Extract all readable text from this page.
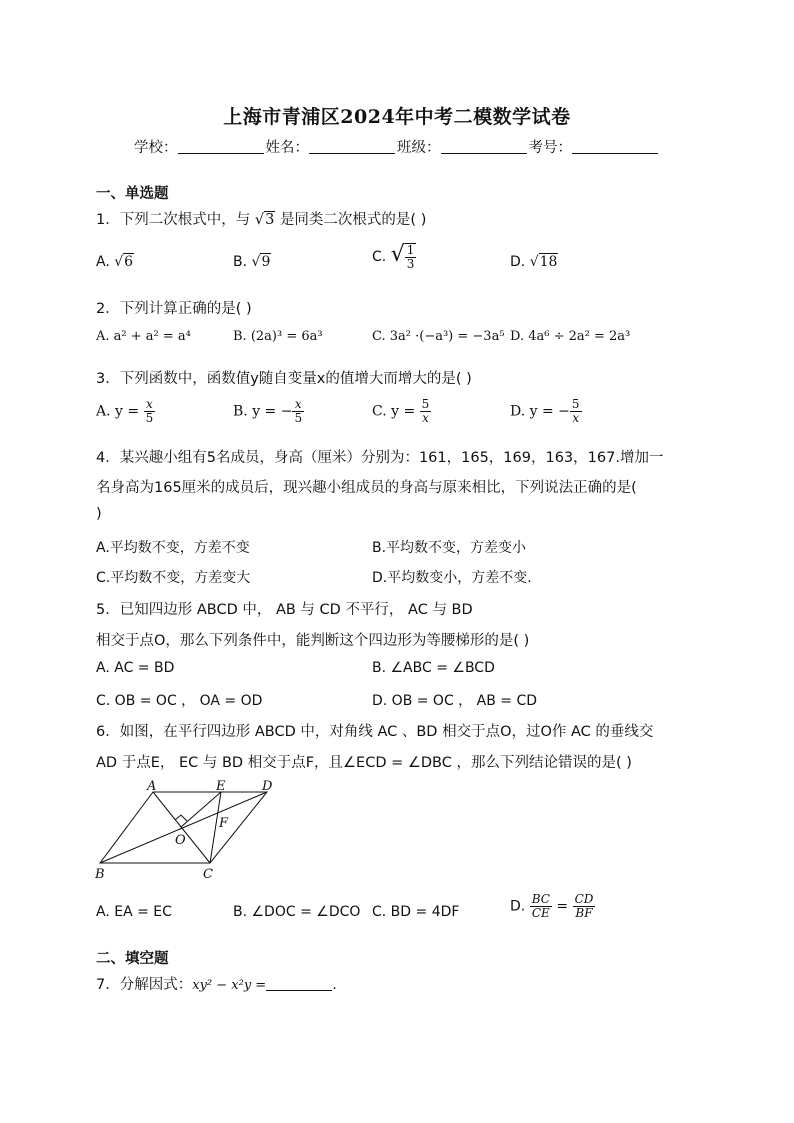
上海市青浦区2024年中考二模数学试卷
学校：	姓名：	班级：	考号：
一、单选题
1．下列二次根式中，与 √3 是同类二次根式的是( )
A. √6	B. √9	C. √ $\frac{1}{3}$	D. √18
2．下列计算正确的是( )
A. a² + a² = a⁴	B. (2a)³ = 6a³	C. 3a² ·(−a³) = −3a⁵ D. 4a⁶ ÷ 2a² = 2a³
3．下列函数中，函数值y随自变量x的值增大而增大的是( )
A. $y = \frac{x}{5}$	B. y = − $\frac{x}{5}$	C. $y = \frac{5}{x}$	D. y = − $\frac{5}{x}$
4．某兴趣小组有5名成员，身高（厘米）分别为：161，165，169，163，167.增加一
名身高为165厘米的成员后，现兴趣小组成员的身高与原来相比，下列说法正确的是(
)
A.平均数不变，方差不变	B.平均数不变，方差变小
C.平均数不变，方差变大	D.平均数变小，方差不变.
5．已知四边形 ABCD 中， AB 与 CD 不平行， AC 与 BD
相交于点O，那么下列条件中，能判断这个四边形为等腰梯形的是( )
A. AC = BD	B. ∠ABC = ∠BCD
C. OB = OC ， OA = OD	D. OB = OC ， AB = CD
6．如图，在平行四边形 ABCD 中，对角线 AC 、BD 相交于点O，过O作 AC 的垂线交
AD 于点E， EC 与 BD 相交于点F，且∠ECD = ∠DBC ，那么下列结论错误的是( )
A	E	D
F
O
B	C
A. EA = EC	B. ∠DOC = ∠DCO C. BD = 4DF	D. $\frac{BC}{CE} = \frac{CD}{BF}$
二、填空题
7．分解因式：xy² − x²y =	.
